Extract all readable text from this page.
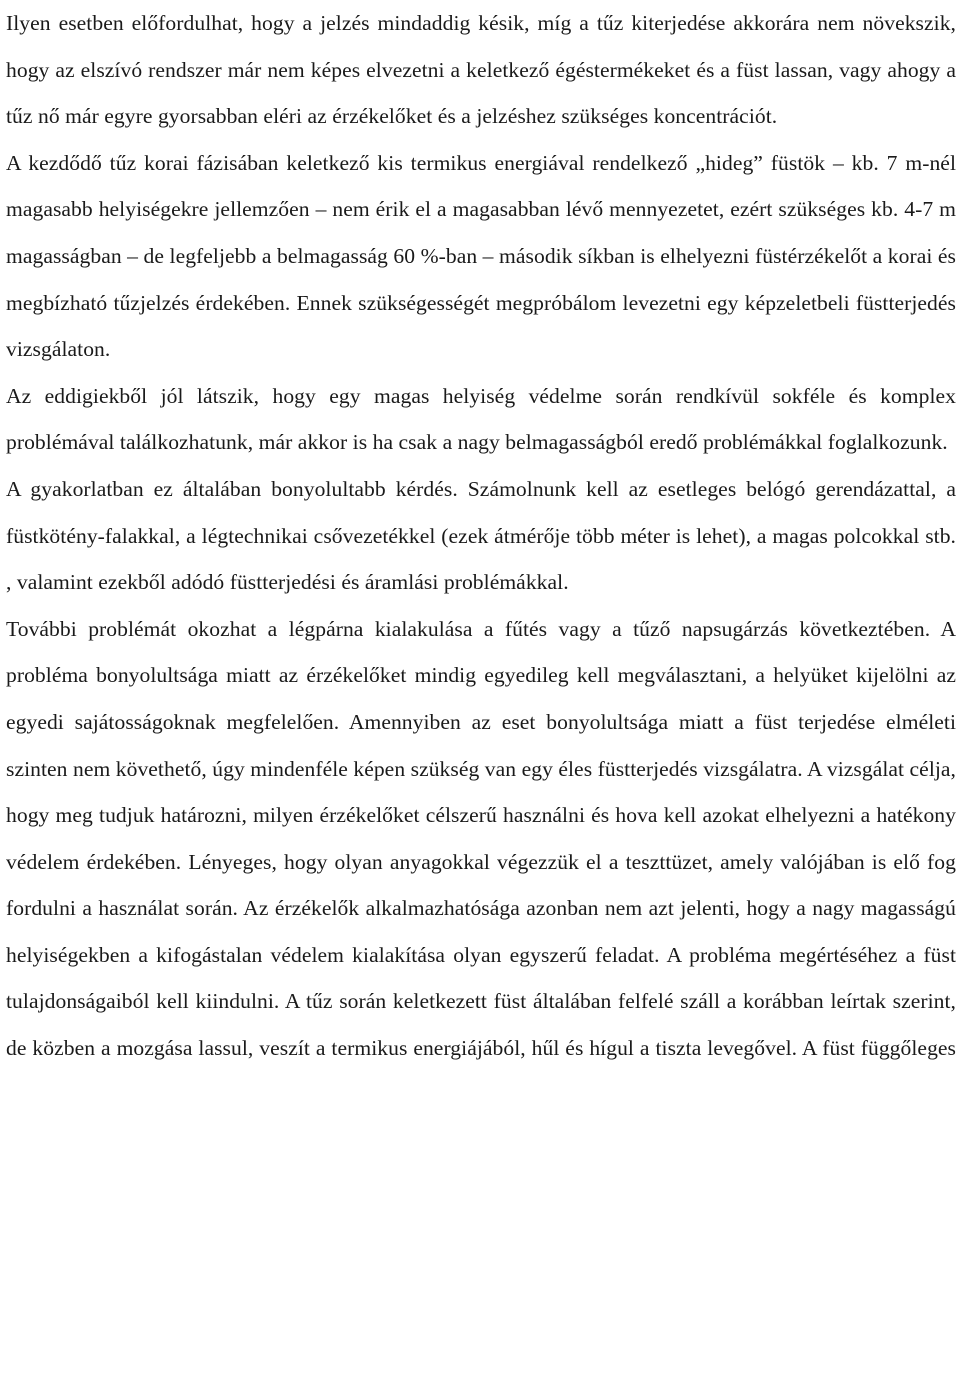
Ilyen esetben előfordulhat, hogy a jelzés mindaddig késik, míg a tűz kiterjedése akkorára nem növekszik, hogy az elszívó rendszer már nem képes elvezetni a keletkező égéstermékeket és a füst lassan, vagy ahogy a tűz nő már egyre gyorsabban eléri az érzékelőket és a jelzéshez szükséges koncentrációt.

A kezdődő tűz korai fázisában keletkező kis termikus energiával rendelkező „hideg” füstök – kb. 7 m-nél magasabb helyiségekre jellemzően – nem érik el a magasabban lévő mennyezetet, ezért szükséges kb. 4-7 m magasságban – de legfeljebb a belmagasság 60 %-ban – második síkban is elhelyezni füstérzékelőt a korai és megbízható tűzjelzés érdekében. Ennek szükségességét megpróbálom levezetni egy képzeletbeli füstterjedés vizsgálaton.

Az eddigiekből jól látszik, hogy egy magas helyiség védelme során rendkívül sokféle és komplex problémával találkozhatunk, már akkor is ha csak a nagy belmagasságból eredő problémákkal foglalkozunk.

A gyakorlatban ez általában bonyolultabb kérdés. Számolnunk kell az esetleges belógó gerendázattal, a füstkötény-falakkal, a légtechnikai csővezetékkel (ezek átmérője több méter is lehet), a magas polcokkal stb. , valamint ezekből adódó füstterjedési és áramlási problémákkal.

További problémát okozhat a légpárna kialakulása a fűtés vagy a tűző napsugárzás következtében. A probléma bonyolultsága miatt az érzékelőket mindig egyedileg kell megválasztani, a helyüket kijelölni az egyedi sajátosságoknak megfelelően. Amennyiben az eset bonyolultsága miatt a füst terjedése elméleti szinten nem követhető, úgy mindenféle képen szükség van egy éles füstterjedés vizsgálatra. A vizsgálat célja, hogy meg tudjuk határozni, milyen érzékelőket célszerű használni és hova kell azokat elhelyezni a hatékony védelem érdekében. Lényeges, hogy olyan anyagokkal végezzük el a teszttüzet, amely valójában is elő fog fordulni a használat során. Az érzékelők alkalmazhatósága azonban nem azt jelenti, hogy a nagy magasságú helyiségekben a kifogástalan védelem kialakítása olyan egyszerű feladat. A probléma megértéséhez a füst tulajdonságaiból kell kiindulni. A tűz során keletkezett füst általában felfelé száll a korábban leírtak szerint, de közben a mozgása lassul, veszít a termikus energiájából, hűl és hígul a tiszta levegővel. A füst függőleges
